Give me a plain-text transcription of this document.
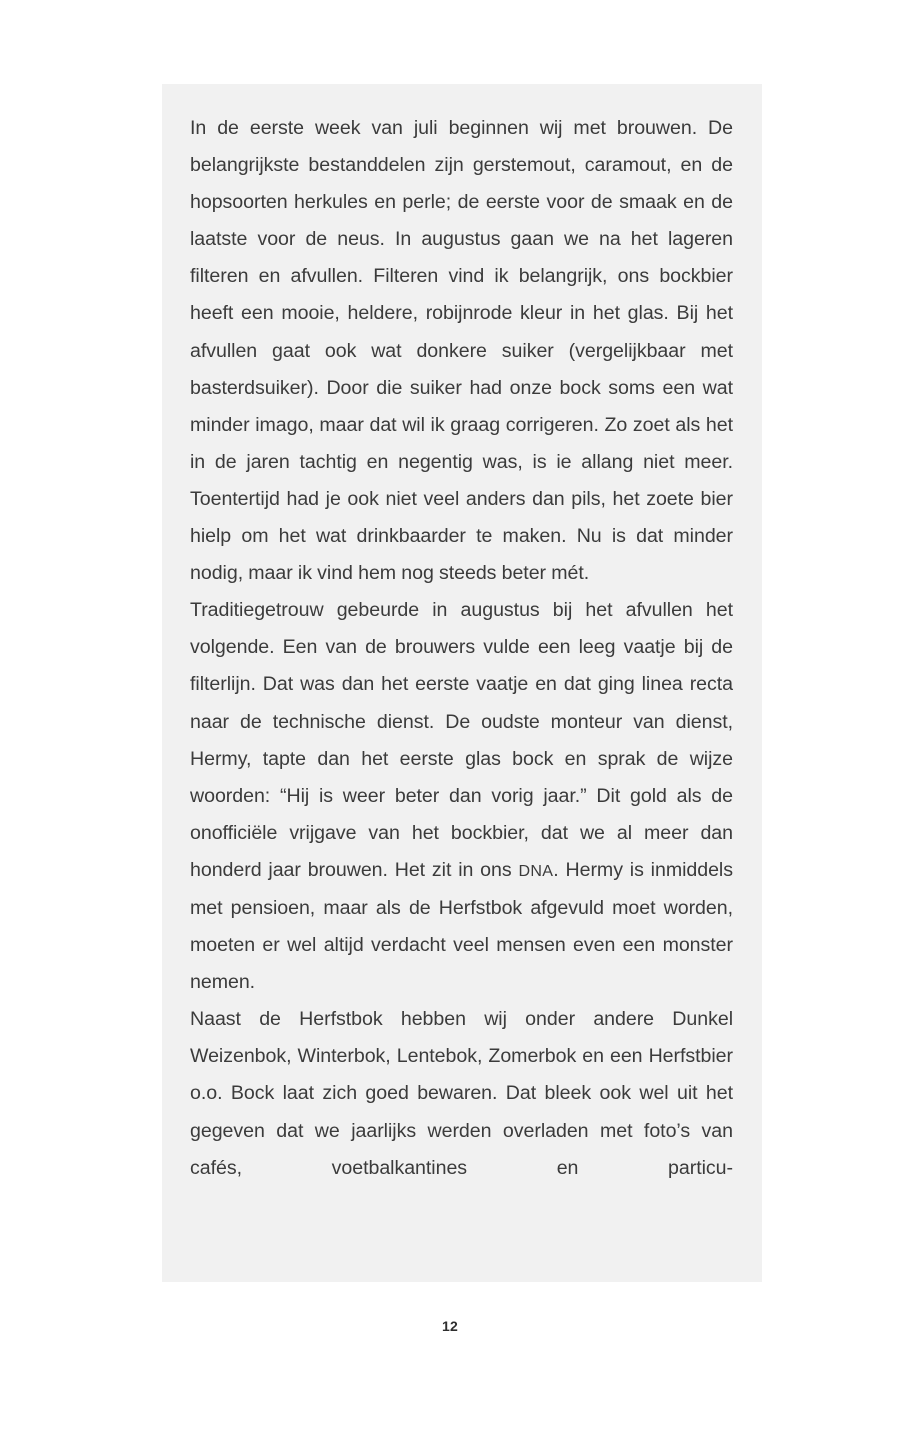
In de eerste week van juli beginnen wij met brouwen. De belangrijkste bestanddelen zijn gerstemout, caramout, en de hopsoorten herkules en perle; de eerste voor de smaak en de laatste voor de neus. In augustus gaan we na het lageren filteren en afvullen. Filteren vind ik belangrijk, ons bockbier heeft een mooie, heldere, robijnrode kleur in het glas. Bij het afvullen gaat ook wat donkere suiker (vergelijkbaar met basterdsuiker). Door die suiker had onze bock soms een wat minder imago, maar dat wil ik graag corrigeren. Zo zoet als het in de jaren tachtig en negentig was, is ie allang niet meer. Toentertijd had je ook niet veel anders dan pils, het zoete bier hielp om het wat drinkbaarder te maken. Nu is dat minder nodig, maar ik vind hem nog steeds beter mét.

Traditiegetrouw gebeurde in augustus bij het afvullen het volgende. Een van de brouwers vulde een leeg vaatje bij de filterlijn. Dat was dan het eerste vaatje en dat ging linea recta naar de technische dienst. De oudste monteur van dienst, Hermy, tapte dan het eerste glas bock en sprak de wijze woorden: “Hij is weer beter dan vorig jaar.” Dit gold als de onofficiële vrijgave van het bockbier, dat we al meer dan honderd jaar brouwen. Het zit in ons DNA. Hermy is inmiddels met pensioen, maar als de Herfstbok afgevuld moet worden, moeten er wel altijd verdacht veel mensen even een monster nemen.

Naast de Herfstbok hebben wij onder andere Dunkel Weizenbok, Winterbok, Lentebok, Zomerbok en een Herfstbier o.o. Bock laat zich goed bewaren. Dat bleek ook wel uit het gegeven dat we jaarlijks werden overladen met foto’s van cafés, voetbalkantines en particu-

12
